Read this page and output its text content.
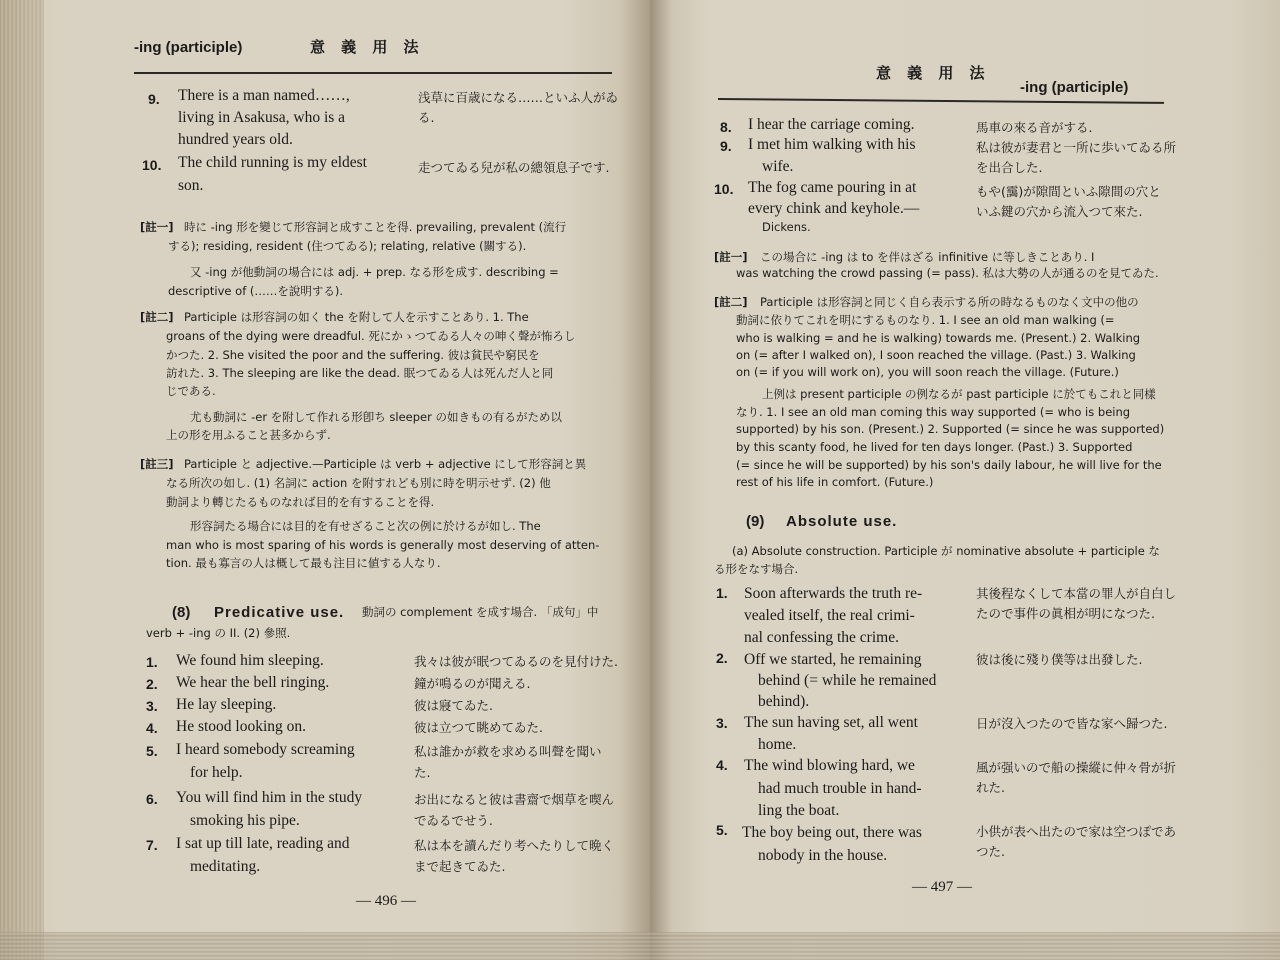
-ing (participle)	意 義 用 法
9. There is a man named……,
living in Asakusa, who is a
hundred years old.
浅草に百歳になる……といふ人がゐ
る.
10. The child running is my eldest
son.
走つてゐる兒が私の總領息子です.
[註一] 時に -ing 形を變じて形容詞と成すことを得. prevailing, prevalent (流行
する); residing, resident (住つてゐる); relating, relative (關する).
又 -ing が他動詞の場合には adj. + prep. なる形を成す. describing =
descriptive of (……を說明する).
[註二] Participle は形容詞の如く the を附して人を示すことあり. 1. The
groans of the dying were dreadful. 死にかゝつてゐる人々の呻く聲が怖ろし
かつた. 2. She visited the poor and the suffering. 彼は貧民や窮民を
訪れた. 3. The sleeping are like the dead. 眠つてゐる人は死んだ人と同
じである.
尤も動詞に -er を附して作れる形卽ち sleeper の如きもの有るがため以
上の形を用ふること甚多からず.
[註三] Participle と adjective.—Participle は verb + adjective にして形容詞と異
なる所次の如し. (1) 名詞に action を附すれども別に時を明示せず. (2) 他
動詞より轉じたるものなれば目的を有することを得.
形容詞たる場合には目的を有せざること次の例に於けるが如し. The
man who is most sparing of his words is generally most deserving of atten-
tion. 最も寡言の人は概して最も注目に値する人なり.
(8) Predicative use. 動詞の complement を成す場合. 「成句」中
verb + -ing の II. (2) 參照.
1. We found him sleeping.	我々は彼が眠つてゐるのを見付けた.
2. We hear the bell ringing.	鐘が鳴るのが聞える.
3. He lay sleeping.	彼は寢てゐた.
4. He stood looking on.	彼は立つて眺めてゐた.
5. I heard somebody screaming
for help.
私は誰かが救を求める叫聲を聞い
た.
6. You will find him in the study
smoking his pipe.
お出になると彼は書齋で烟草を喫ん
でゐるでせう.
7. I sat up till late, reading and
meditating.
私は本を讀んだり考へたりして晩く
まで起きてゐた.
— 496 —
意 義 用 法
-ing (participle)
8. I hear the carriage coming.	馬車の來る音がする.
9. I met him walking with his
wife.
私は彼が妻君と一所に歩いてゐる所
を出合した.
10. The fog came pouring in at
every chink and keyhole.—
Dickens.
もや(靄)が隙間といふ隙間の穴と
いふ鍵の穴から流入つて來た.
[註一] この場合に -ing は to を伴はざる infinitive に等しきことあり. I
was watching the crowd passing (= pass). 私は大勢の人が通るのを見てゐた.
[註二] Participle は形容詞と同じく自ら表示する所の時なるものなく文中の他の
動詞に依りてこれを明にするものなり. 1. I see an old man walking (=
who is walking = and he is walking) towards me. (Present.) 2. Walking
on (= after I walked on), I soon reached the village. (Past.) 3. Walking
on (= if you will work on), you will soon reach the village. (Future.)
上例は present participle の例なるが past participle に於てもこれと同樣
なり. 1. I see an old man coming this way supported (= who is being
supported) by his son. (Present.) 2. Supported (= since he was supported)
by this scanty food, he lived for ten days longer. (Past.) 3. Supported
(= since he will be supported) by his son's daily labour, he will live for the
rest of his life in comfort. (Future.)
(9) Absolute use.
(a) Absolute construction. Participle が nominative absolute + participle な
る形をなす場合.
1. Soon afterwards the truth re-
vealed itself, the real crimi-
nal confessing the crime.
其後程なくして本當の罪人が自白し
たので事件の眞相が明になつた.
2. Off we started, he remaining
behind (= while he remained
behind).
彼は後に殘り僕等は出發した.
3. The sun having set, all went
home.
日が沒入つたので皆な家へ歸つた.
4. The wind blowing hard, we
had much trouble in hand-
ling the boat.
風が强いので船の操縱に仲々骨が折
れた.
5. The boy being out, there was
nobody in the house.
小供が表へ出たので家は空つぽであ
つた.
— 497 —
